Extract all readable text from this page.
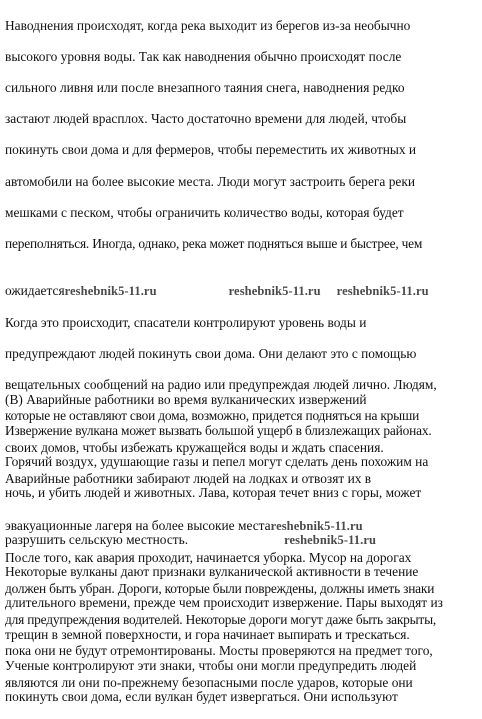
Наводнения происходят, когда река выходит из берегов из-за необычно

высокого уровня воды. Так как наводнения обычно происходят после

сильного ливня или после внезапного таяния снега, наводнения редко

застают людей врасплох. Часто достаточно времени для людей, чтобы

покинуть свои дома и для фермеров, чтобы переместить их животных и

автомобили на более высокие места. Люди могут застроить берега реки

мешками с песком, чтобы ограничить количество воды, которая будет

переполняться. Иногда, однако, река может подняться выше и быстрее, чем

ожидаетсяreshebnik5-11.ru	reshebnik5-11.ru reshebnik5-11.ru

Когда это происходит, спасатели контролируют уровень воды и

предупреждают людей покинуть свои дома. Они делают это с помощью

вещательных сообщений на радио или предупреждая людей лично. Людям,

которые не оставляют свои дома, возможно, придется подняться на крыши

своих домов, чтобы избежать кружащейся воды и ждать спасения.

Аварийные работники забирают людей на лодках и отвозят их в

эвакуационные лагеря на более высокие местаreshebnik5-11.ru

После того, как авария проходит, начинается уборка. Мусор на дорогах

должен быть убран. Дороги, которые были повреждены, должны иметь знаки

для предупреждения водителей. Некоторые дороги могут даже быть закрыты,

пока они не будут отремонтированы. Мосты проверяются на предмет того,

являются ли они по-прежнему безопасными после ударов, которые они

(В) Аварийные работники во время вулканических извержений

Извержение вулкана может вызвать большой ущерб в близлежащих районах.

Горячий воздух, удушающие газы и пепел могут сделать день похожим на

ночь, и убить людей и животных. Лава, которая течет вниз с горы, может

разрушить сельскую местность.	reshebnik5-11.ru

Некоторые вулканы дают признаки вулканической активности в течение

длительного времени, прежде чем происходит извержение. Пары выходят из

трещин в земной поверхности, и гора начинает выпирать и трескаться.

Ученые контролируют эти знаки, чтобы они могли предупредить людей

покинуть свои дома, если вулкан будет извергаться. Они используют
